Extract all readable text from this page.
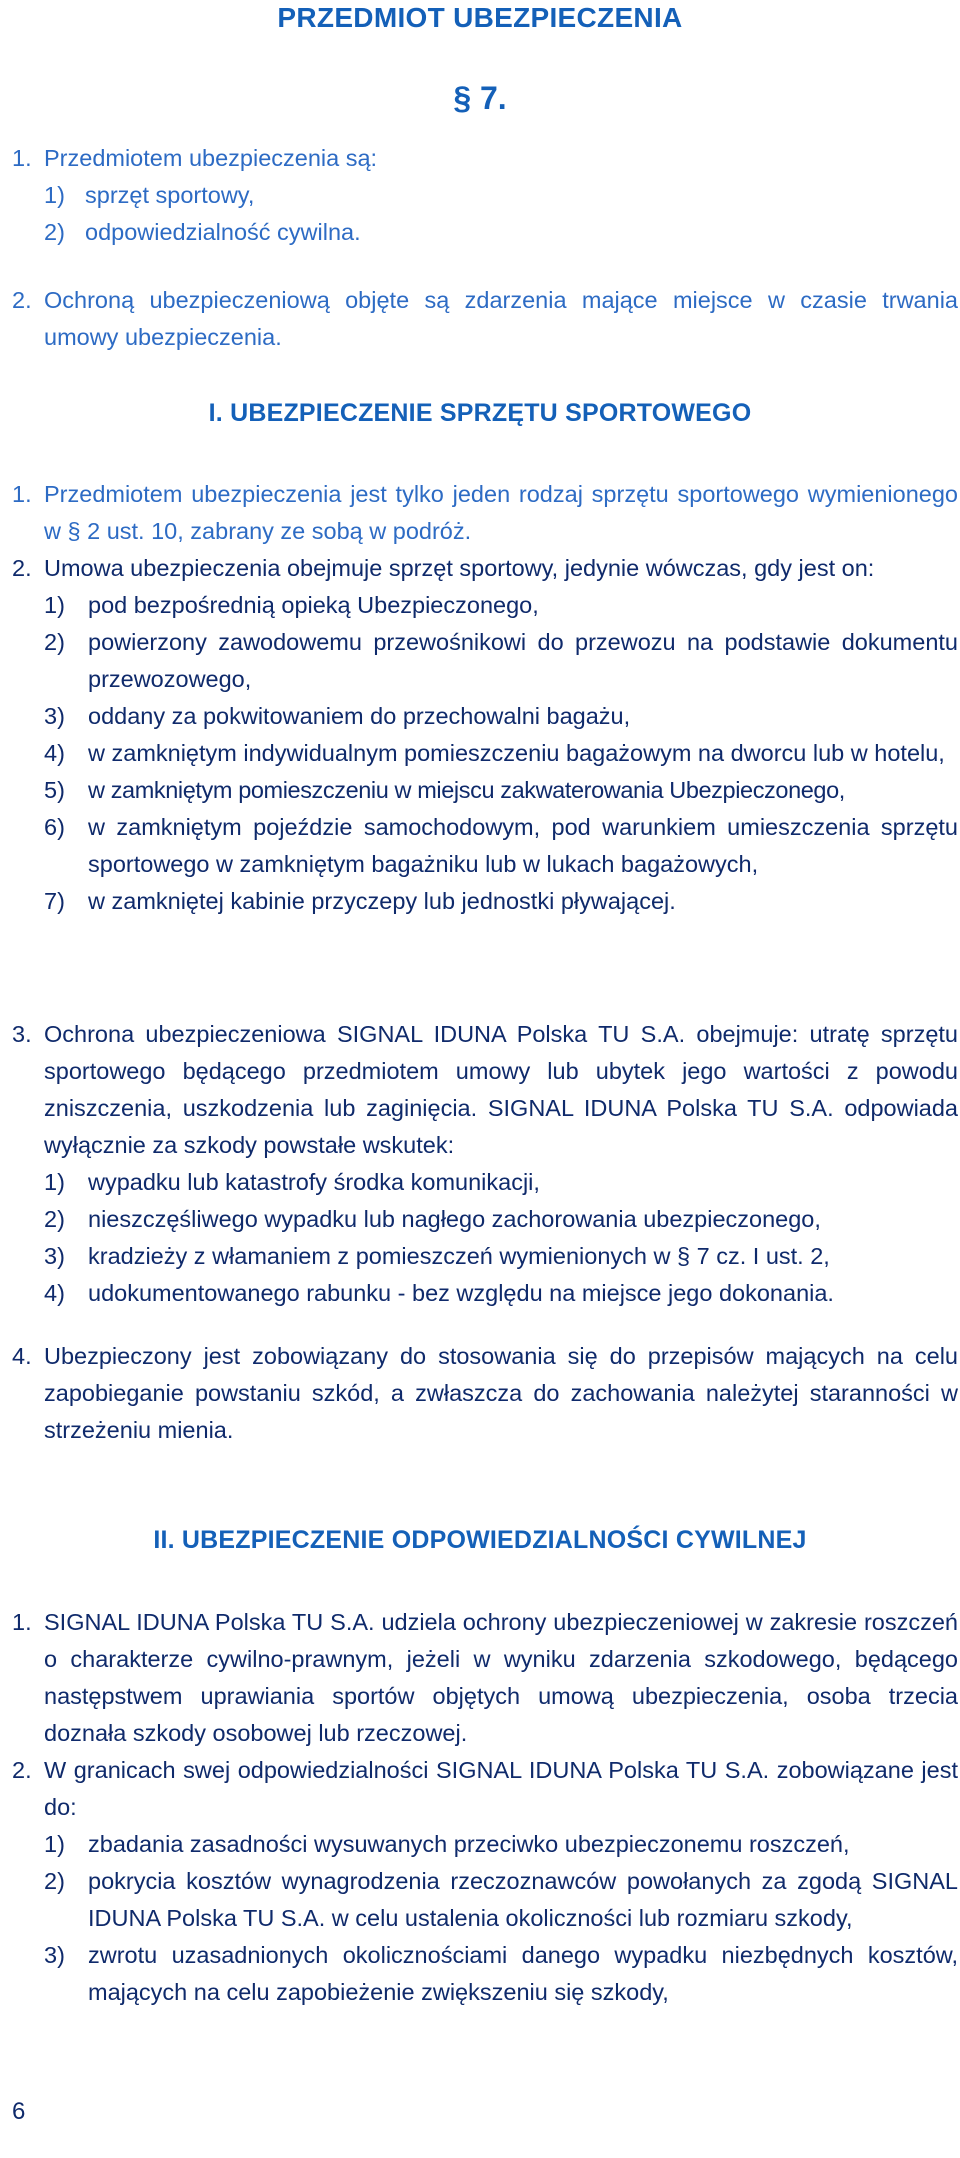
PRZEDMIOT UBEZPIECZENIA
§ 7.
1. Przedmiotem ubezpieczenia są:
1) sprzęt sportowy,
2) odpowiedzialność cywilna.
2. Ochroną ubezpieczeniową objęte są zdarzenia mające miejsce w czasie trwania umowy ubezpieczenia.
I. UBEZPIECZENIE SPRZĘTU SPORTOWEGO
1. Przedmiotem ubezpieczenia jest tylko jeden rodzaj sprzętu sportowego wymienionego w § 2 ust. 10, zabrany ze sobą w podróż.
2. Umowa ubezpieczenia obejmuje sprzęt sportowy, jedynie wówczas, gdy jest on:
1) pod bezpośrednią opieką Ubezpieczonego,
2) powierzony zawodowemu przewośnikowi do przewozu na podstawie dokumentu przewozowego,
3) oddany za pokwitowaniem do przechowalni bagażu,
4) w zamkniętym indywidualnym pomieszczeniu bagażowym na dworcu lub w hotelu,
5) w zamkniętym pomieszczeniu w miejscu zakwaterowania Ubezpieczonego,
6) w zamkniętym pojeździe samochodowym, pod warunkiem umieszczenia sprzętu sportowego w zamkniętym bagażniku lub w lukach bagażowych,
7) w zamkniętej kabinie przyczepy lub jednostki pływającej.
3. Ochrona ubezpieczeniowa SIGNAL IDUNA Polska TU S.A. obejmuje: utratę sprzętu sportowego będącego przedmiotem umowy lub ubytek jego wartości z powodu zniszczenia, uszkodzenia lub zaginięcia. SIGNAL IDUNA Polska TU S.A. odpowiada wyłącznie za szkody powstałe wskutek:
1) wypadku lub katastrofy środka komunikacji,
2) nieszczęśliwego wypadku lub nagłego zachorowania ubezpieczonego,
3) kradzieży z włamaniem z pomieszczeń wymienionych w § 7 cz. I ust. 2,
4) udokumentowanego rabunku - bez względu na miejsce jego dokonania.
4. Ubezpieczony jest zobowiązany do stosowania się do przepisów mających na celu zapobieganie powstaniu szkód, a zwłaszcza do zachowania należytej staranności w strzeżeniu mienia.
II. UBEZPIECZENIE ODPOWIEDZIALNOŚCI CYWILNEJ
1. SIGNAL IDUNA Polska TU S.A. udziela ochrony ubezpieczeniowej w zakresie roszczeń o charakterze cywilno-prawnym, jeżeli w wyniku zdarzenia szkodowego, będącego następstwem uprawiania sportów objętych umową ubezpieczenia, osoba trzecia doznała szkody osobowej lub rzeczowej.
2. W granicach swej odpowiedzialności SIGNAL IDUNA Polska TU S.A. zobowiązane jest do:
1) zbadania zasadności wysuwanych przeciwko ubezpieczonemu roszczeń,
2) pokrycia kosztów wynagrodzenia rzeczoznawców powołanych za zgodą SIGNAL IDUNA Polska TU S.A. w celu ustalenia okoliczności lub rozmiaru szkody,
3) zwrotu uzasadnionych okolicznościami danego wypadku niezbędnych kosztów, mających na celu zapobieżenie zwiększeniu się szkody,
6
